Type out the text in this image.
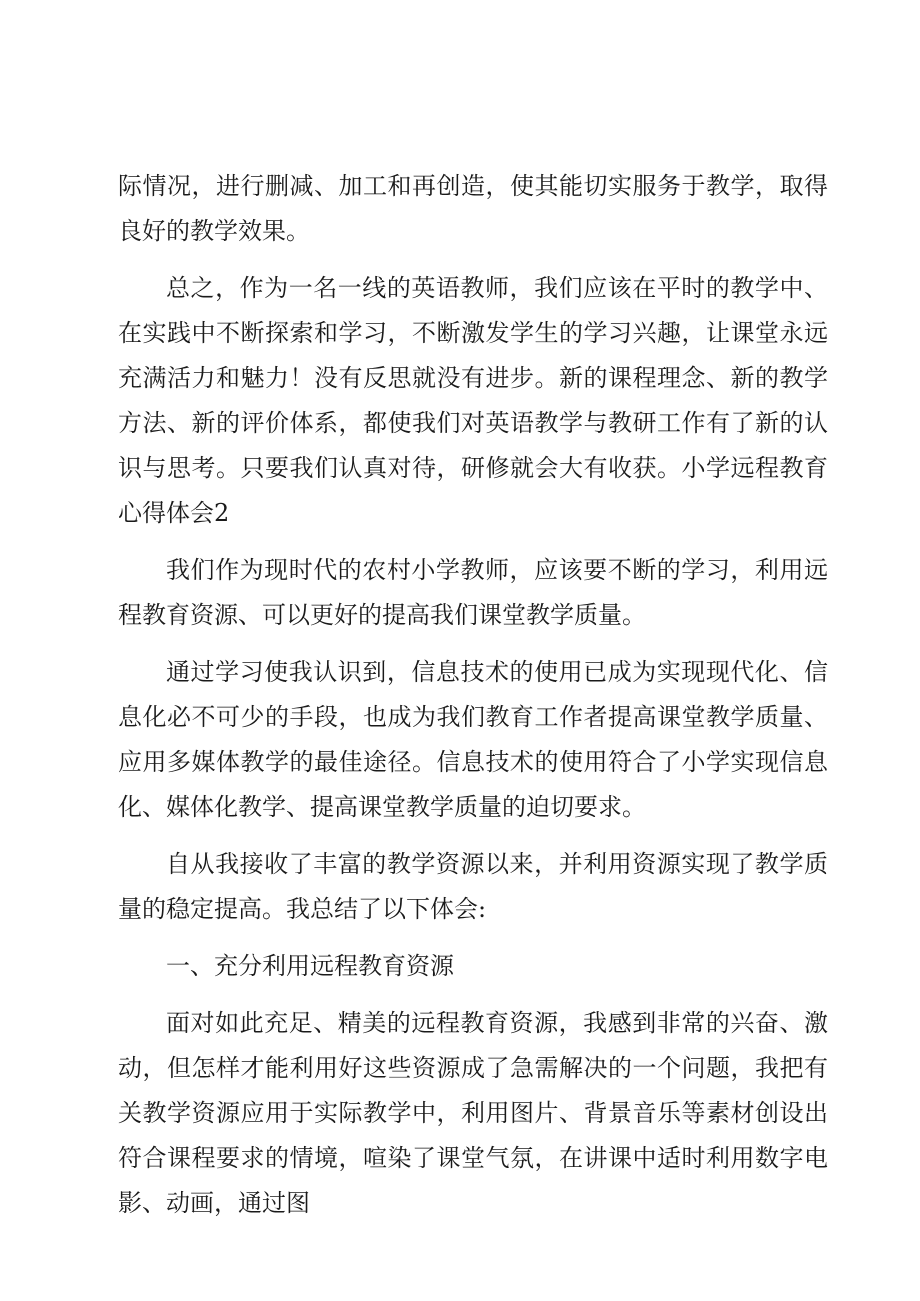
际情况，进行删减、加工和再创造，使其能切实服务于教学，取得良好的教学效果。

总之，作为一名一线的英语教师，我们应该在平时的教学中、在实践中不断探索和学习，不断激发学生的学习兴趣，让课堂永远充满活力和魅力！没有反思就没有进步。新的课程理念、新的教学方法、新的评价体系，都使我们对英语教学与教研工作有了新的认识与思考。只要我们认真对待，研修就会大有收获。小学远程教育心得体会2

我们作为现时代的农村小学教师，应该要不断的学习，利用远程教育资源、可以更好的提高我们课堂教学质量。

通过学习使我认识到，信息技术的使用已成为实现现代化、信息化必不可少的手段，也成为我们教育工作者提高课堂教学质量、应用多媒体教学的最佳途径。信息技术的使用符合了小学实现信息化、媒体化教学、提高课堂教学质量的迫切要求。

自从我接收了丰富的教学资源以来，并利用资源实现了教学质量的稳定提高。我总结了以下体会:

一、充分利用远程教育资源

面对如此充足、精美的远程教育资源，我感到非常的兴奋、激动，但怎样才能利用好这些资源成了急需解决的一个问题，我把有关教学资源应用于实际教学中，利用图片、背景音乐等素材创设出符合课程要求的情境，喧染了课堂气氛，在讲课中适时利用数字电影、动画，通过图
